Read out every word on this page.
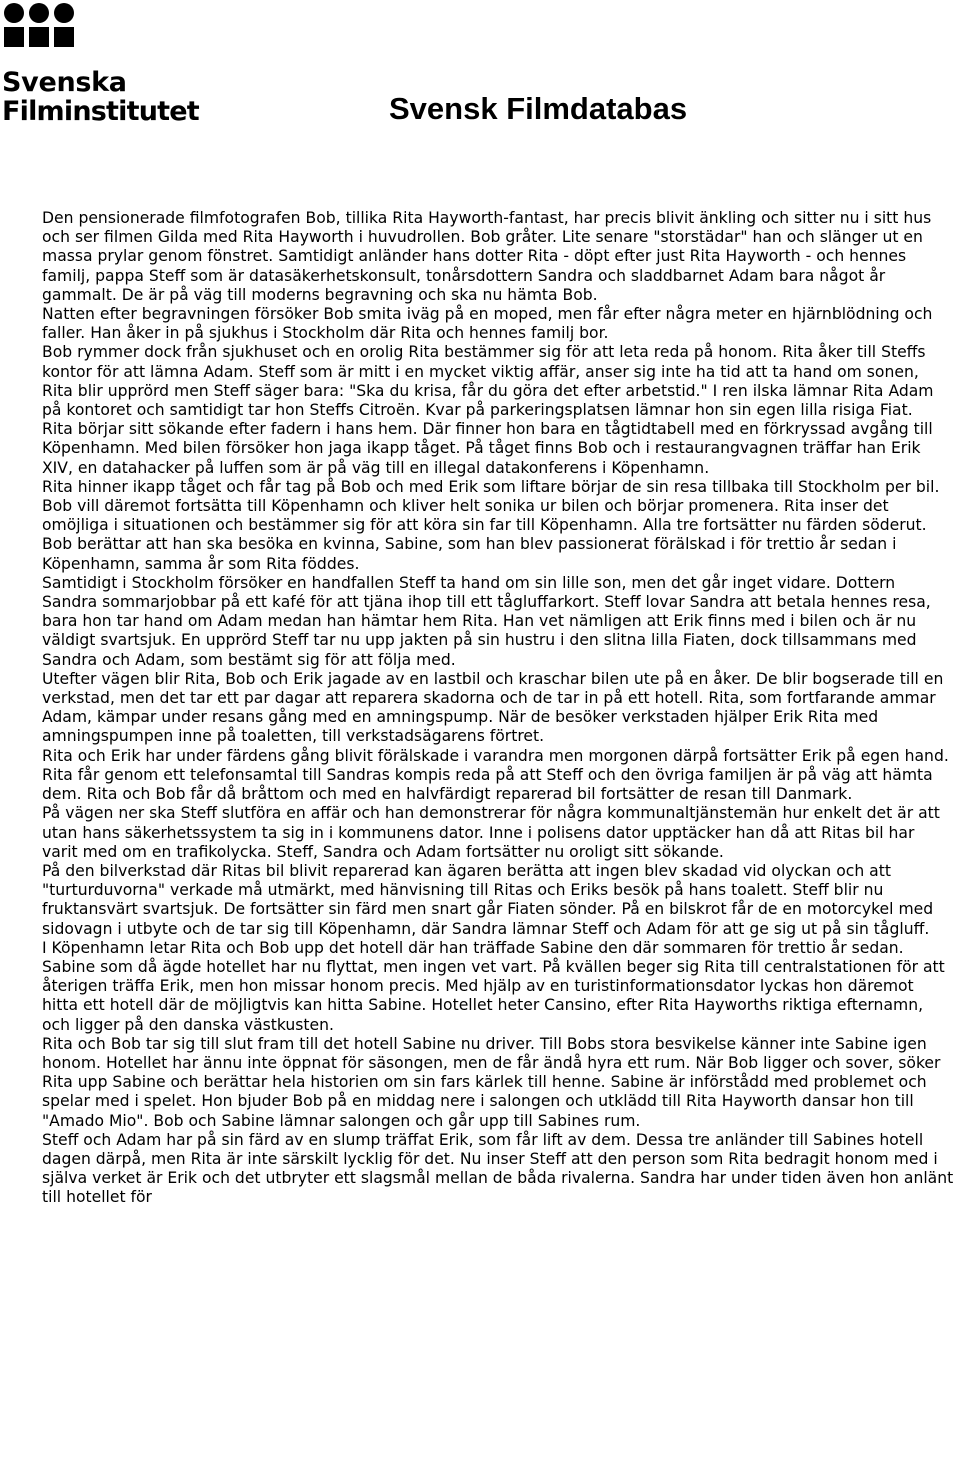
Svenska
Filminstitutet	Svensk Filmdatabas

Den pensionerade filmfotografen Bob, tillika Rita Hayworth-fantast, har precis blivit änkling och sitter nu i sitt hus och ser filmen Gilda med Rita Hayworth i huvudrollen. Bob gråter. Lite senare "storstädar" han och slänger ut en massa prylar genom fönstret. Samtidigt anländer hans dotter Rita - döpt efter just Rita Hayworth - och hennes familj, pappa Steff som är datasäkerhetskonsult, tonårsdottern Sandra och sladdbarnet Adam bara något år gammalt. De är på väg till moderns begravning och ska nu hämta Bob.

Natten efter begravningen försöker Bob smita iväg på en moped, men får efter några meter en hjärnblödning och faller. Han åker in på sjukhus i Stockholm där Rita och hennes familj bor.

Bob rymmer dock från sjukhuset och en orolig Rita bestämmer sig för att leta reda på honom. Rita åker till Steffs kontor för att lämna Adam. Steff som är mitt i en mycket viktig affär, anser sig inte ha tid att ta hand om sonen, Rita blir upprörd men Steff säger bara: "Ska du krisa, får du göra det efter arbetstid." I ren ilska lämnar Rita Adam på kontoret och samtidigt tar hon Steffs Citroën. Kvar på parkeringsplatsen lämnar hon sin egen lilla risiga Fiat.

Rita börjar sitt sökande efter fadern i hans hem. Där finner hon bara en tågtidtabell med en förkryssad avgång till Köpenhamn. Med bilen försöker hon jaga ikapp tåget. På tåget finns Bob och i restaurangvagnen träffar han Erik XIV, en datahacker på luffen som är på väg till en illegal datakonferens i Köpenhamn.

Rita hinner ikapp tåget och får tag på Bob och med Erik som liftare börjar de sin resa tillbaka till Stockholm per bil. Bob vill däremot fortsätta till Köpenhamn och kliver helt sonika ur bilen och börjar promenera. Rita inser det omöjliga i situationen och bestämmer sig för att köra sin far till Köpenhamn. Alla tre fortsätter nu färden söderut. Bob berättar att han ska besöka en kvinna, Sabine, som han blev passionerat förälskad i för trettio år sedan i Köpenhamn, samma år som Rita föddes.

Samtidigt i Stockholm försöker en handfallen Steff ta hand om sin lille son, men det går inget vidare. Dottern Sandra sommarjobbar på ett kafé för att tjäna ihop till ett tågluffarkort. Steff lovar Sandra att betala hennes resa, bara hon tar hand om Adam medan han hämtar hem Rita. Han vet nämligen att Erik finns med i bilen och är nu väldigt svartsjuk. En upprörd Steff tar nu upp jakten på sin hustru i den slitna lilla Fiaten, dock tillsammans med Sandra och Adam, som bestämt sig för att följa med.

Utefter vägen blir Rita, Bob och Erik jagade av en lastbil och kraschar bilen ute på en åker. De blir bogserade till en verkstad, men det tar ett par dagar att reparera skadorna och de tar in på ett hotell. Rita, som fortfarande ammar Adam, kämpar under resans gång med en amningspump. När de besöker verkstaden hjälper Erik Rita med amningspumpen inne på toaletten, till verkstadsägarens förtret.

Rita och Erik har under färdens gång blivit förälskade i varandra men morgonen därpå fortsätter Erik på egen hand. Rita får genom ett telefonsamtal till Sandras kompis reda på att Steff och den övriga familjen är på väg att hämta dem. Rita och Bob får då bråttom och med en halvfärdigt reparerad bil fortsätter de resan till Danmark.

På vägen ner ska Steff slutföra en affär och han demonstrerar för några kommunaltjänstemän hur enkelt det är att utan hans säkerhetssystem ta sig in i kommunens dator. Inne i polisens dator upptäcker han då att Ritas bil har varit med om en trafikolycka. Steff, Sandra och Adam fortsätter nu oroligt sitt sökande.

På den bilverkstad där Ritas bil blivit reparerad kan ägaren berätta att ingen blev skadad vid olyckan och att "turturduvorna" verkade må utmärkt, med hänvisning till Ritas och Eriks besök på hans toalett. Steff blir nu fruktansvärt svartsjuk. De fortsätter sin färd men snart går Fiaten sönder. På en bilskrot får de en motorcykel med sidovagn i utbyte och de tar sig till Köpenhamn, där Sandra lämnar Steff och Adam för att ge sig ut på sin tågluff.

I Köpenhamn letar Rita och Bob upp det hotell där han träffade Sabine den där sommaren för trettio år sedan. Sabine som då ägde hotellet har nu flyttat, men ingen vet vart. På kvällen beger sig Rita till centralstationen för att återigen träffa Erik, men hon missar honom precis. Med hjälp av en turistinformationsdator lyckas hon däremot hitta ett hotell där de möjligtvis kan hitta Sabine. Hotellet heter Cansino, efter Rita Hayworths riktiga efternamn, och ligger på den danska västkusten.

Rita och Bob tar sig till slut fram till det hotell Sabine nu driver. Till Bobs stora besvikelse känner inte Sabine igen honom. Hotellet har ännu inte öppnat för säsongen, men de får ändå hyra ett rum. När Bob ligger och sover, söker Rita upp Sabine och berättar hela historien om sin fars kärlek till henne. Sabine är införstådd med problemet och spelar med i spelet. Hon bjuder Bob på en middag nere i salongen och utklädd till Rita Hayworth dansar hon till "Amado Mio". Bob och Sabine lämnar salongen och går upp till Sabines rum.

Steff och Adam har på sin färd av en slump träffat Erik, som får lift av dem. Dessa tre anländer till Sabines hotell dagen därpå, men Rita är inte särskilt lycklig för det. Nu inser Steff att den person som Rita bedragit honom med i själva verket är Erik och det utbryter ett slagsmål mellan de båda rivalerna. Sandra har under tiden även hon anlänt till hotellet för
